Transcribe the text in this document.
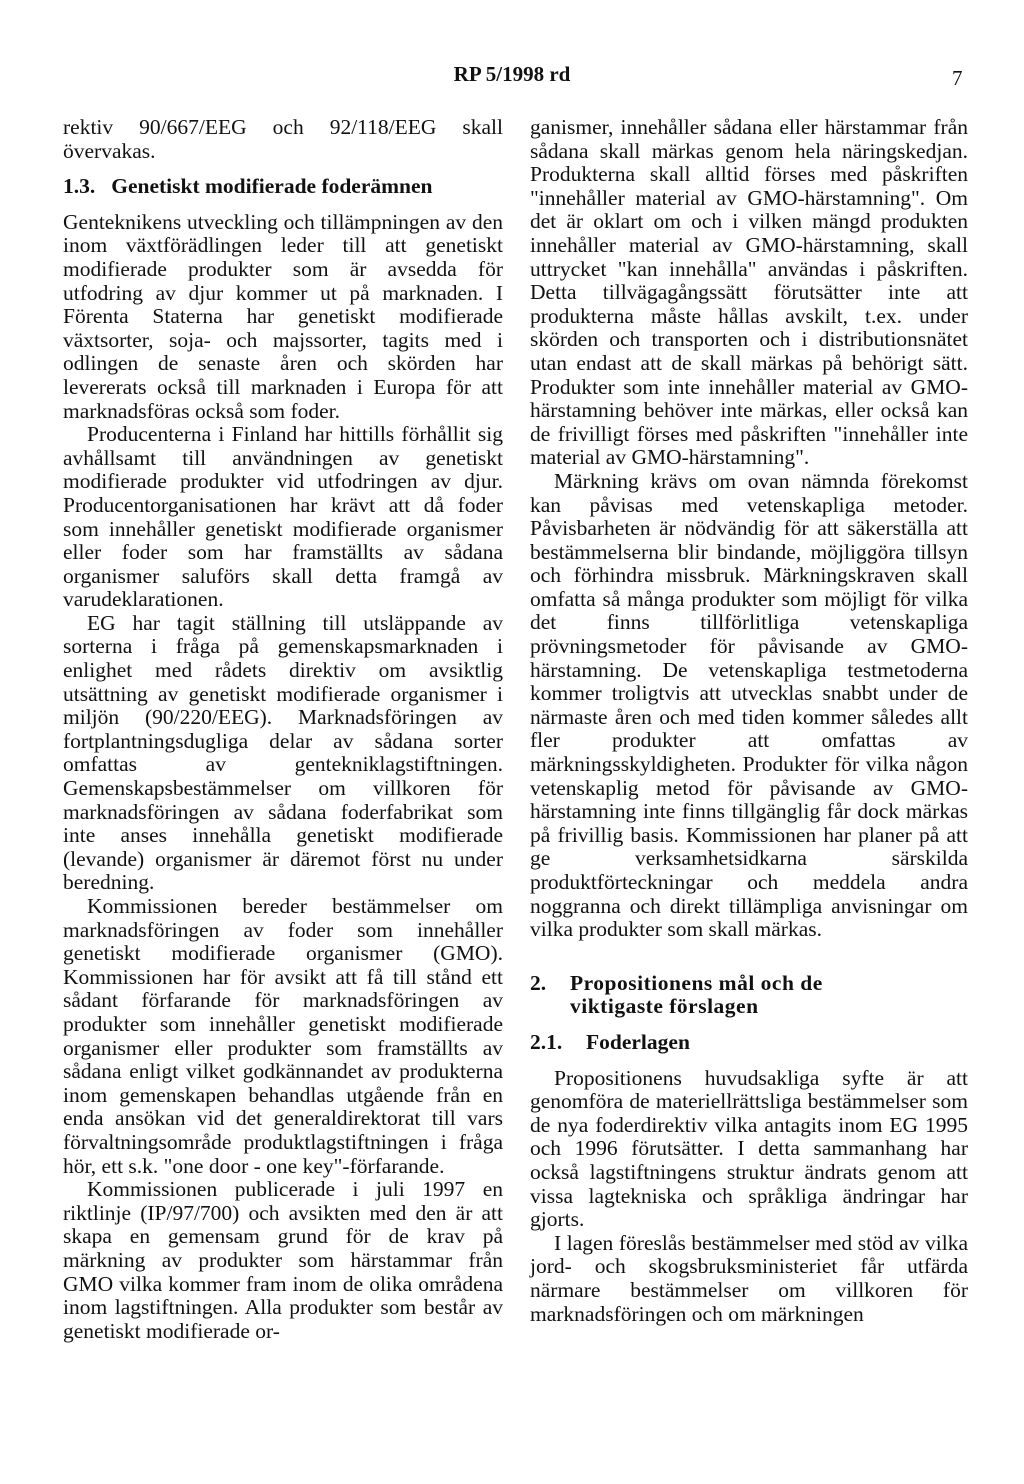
RP 5/1998 rd	7

rektiv 90/667/EEG och 92/118/EEG skall övervakas.

1.3. Genetiskt modifierade foderämnen

Genteknikens utveckling och tillämpningen av den inom växtförädlingen leder till att genetiskt modifierade produkter som är avsedda för utfodring av djur kommer ut på marknaden. I Förenta Staterna har genetiskt modifierade växtsorter, soja- och majssorter, tagits med i odlingen de senaste åren och skörden har levererats också till marknaden i Europa för att marknadsföras också som foder.

Producenterna i Finland har hittills förhållit sig avhållsamt till användningen av genetiskt modifierade produkter vid utfodringen av djur. Producentorganisationen har krävt att då foder som innehåller genetiskt modifierade organismer eller foder som har framställts av sådana organismer saluförs skall detta framgå av varudeklarationen.

EG har tagit ställning till utsläppande av sorterna i fråga på gemenskapsmarknaden i enlighet med rådets direktiv om avsiktlig utsättning av genetiskt modifierade organismer i miljön (90/220/EEG). Marknadsföringen av fortplantningsdugliga delar av sådana sorter omfattas av gentekniklagstiftningen. Gemenskapsbestämmelser om villkoren för marknadsföringen av sådana foderfabrikat som inte anses innehålla genetiskt modifierade (levande) organismer är däremot först nu under beredning.

Kommissionen bereder bestämmelser om marknadsföringen av foder som innehåller genetiskt modifierade organismer (GMO). Kommissionen har för avsikt att få till stånd ett sådant förfarande för marknadsföringen av produkter som innehåller genetiskt modifierade organismer eller produkter som framställts av sådana enligt vilket godkännandet av produkterna inom gemenskapen behandlas utgående från en enda ansökan vid det generaldirektorat till vars förvaltningsområde produktlagstiftningen i fråga hör, ett s.k. "one door - one key"-förfarande.

Kommissionen publicerade i juli 1997 en riktlinje (IP/97/700) och avsikten med den är att skapa en gemensam grund för de krav på märkning av produkter som härstammar från GMO vilka kommer fram inom de olika områdena inom lagstiftningen. Alla produkter som består av genetiskt modifierade or-

ganismer, innehåller sådana eller härstammar från sådana skall märkas genom hela näringskedjan. Produkterna skall alltid förses med påskriften "innehåller material av GMO-härstamning". Om det är oklart om och i vilken mängd produkten innehåller material av GMO-härstamning, skall uttrycket "kan innehålla" användas i påskriften. Detta tillvägagångssätt förutsätter inte att produkterna måste hållas avskilt, t.ex. under skörden och transporten och i distributionsnätet utan endast att de skall märkas på behörigt sätt. Produkter som inte innehåller material av GMO-härstamning behöver inte märkas, eller också kan de frivilligt förses med påskriften "innehåller inte material av GMO-härstamning".

Märkning krävs om ovan nämnda förekomst kan påvisas med vetenskapliga metoder. Påvisbarheten är nödvändig för att säkerställa att bestämmelserna blir bindande, möjliggöra tillsyn och förhindra missbruk. Märkningskraven skall omfatta så många produkter som möjligt för vilka det finns tillförlitliga vetenskapliga prövningsmetoder för påvisande av GMO-härstamning. De vetenskapliga testmetoderna kommer troligtvis att utvecklas snabbt under de närmaste åren och med tiden kommer således allt fler produkter att omfattas av märkningsskyldigheten. Produkter för vilka någon vetenskaplig metod för påvisande av GMO-härstamning inte finns tillgänglig får dock märkas på frivillig basis. Kommissionen har planer på att ge verksamhetsidkarna särskilda produktförteckningar och meddela andra noggranna och direkt tillämpliga anvisningar om vilka produkter som skall märkas.

2.	Propositionens mål och de
viktigaste förslagen
2.1.	Foderlagen

Propositionens huvudsakliga syfte är att genomföra de materiellrättsliga bestämmelser som de nya foderdirektiv vilka antagits inom EG 1995 och 1996 förutsätter. I detta sammanhang har också lagstiftningens struktur ändrats genom att vissa lagtekniska och språkliga ändringar har gjorts.

I lagen föreslås bestämmelser med stöd av vilka jord- och skogsbruksministeriet får utfärda närmare bestämmelser om villkoren för marknadsföringen och om märkningen
